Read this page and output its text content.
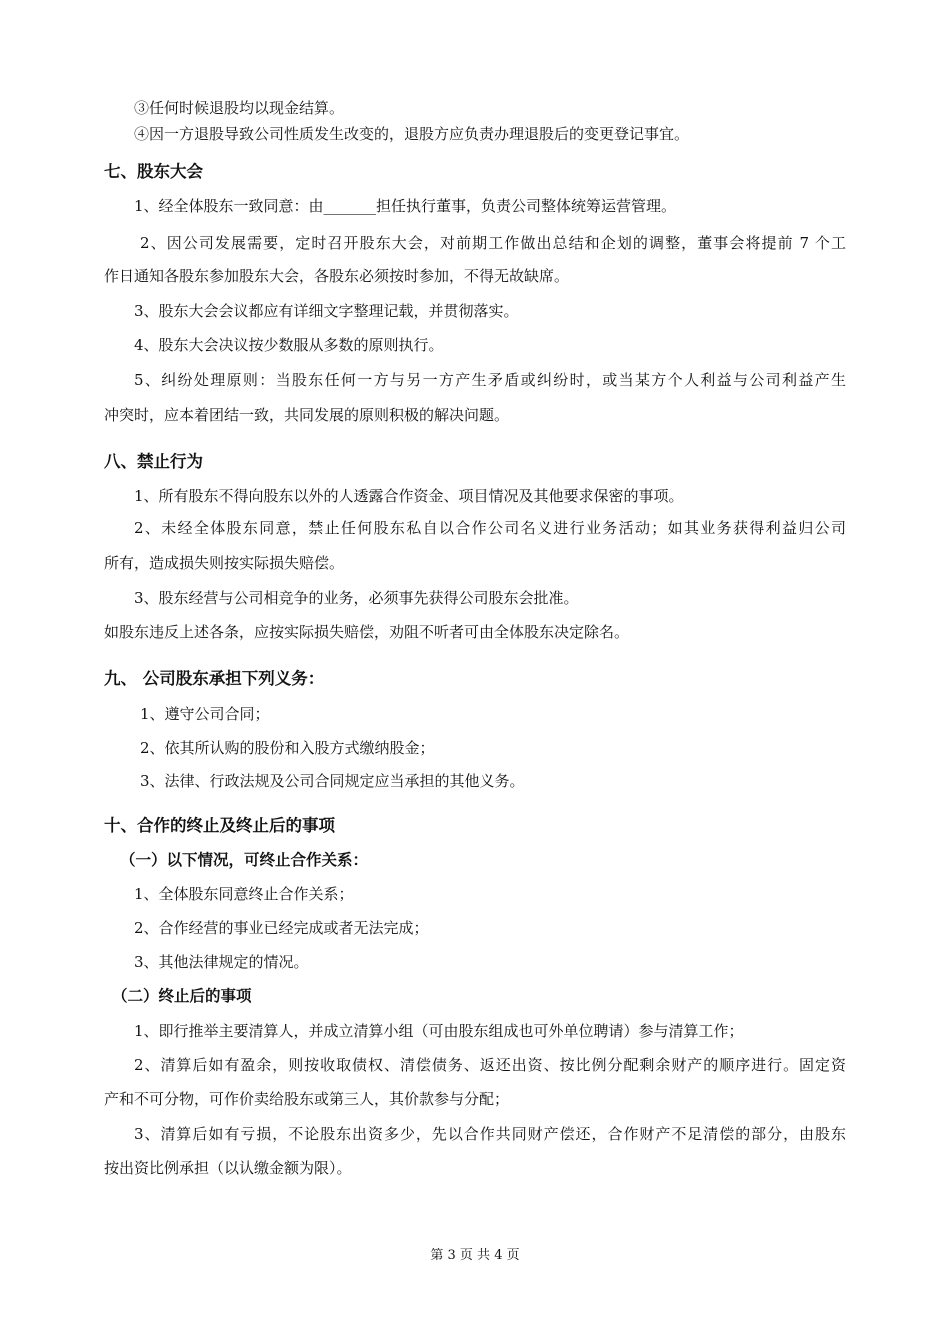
③任何时候退股均以现金结算。
④因一方退股导致公司性质发生改变的，退股方应负责办理退股后的变更登记事宜。
七、股东大会
1、经全体股东一致同意：由_______担任执行董事，负责公司整体统筹运营管理。
2、因公司发展需要，定时召开股东大会，对前期工作做出总结和企划的调整，董事会将提前 7 个工
作日通知各股东参加股东大会，各股东必须按时参加，不得无故缺席。
3、股东大会会议都应有详细文字整理记载，并贯彻落实。
4、股东大会决议按少数服从多数的原则执行。
5、纠纷处理原则：当股东任何一方与另一方产生矛盾或纠纷时，或当某方个人利益与公司利益产生
冲突时，应本着团结一致，共同发展的原则积极的解决问题。
八、禁止行为
1、所有股东不得向股东以外的人透露合作资金、项目情况及其他要求保密的事项。
2、未经全体股东同意，禁止任何股东私自以合作公司名义进行业务活动；如其业务获得利益归公司
所有，造成损失则按实际损失赔偿。
3、股东经营与公司相竞争的业务，必须事先获得公司股东会批准。
如股东违反上述各条，应按实际损失赔偿，劝阻不听者可由全体股东决定除名。
九、 公司股东承担下列义务：
1、遵守公司合同；
2、依其所认购的股份和入股方式缴纳股金；
3、法律、行政法规及公司合同规定应当承担的其他义务。
十、合作的终止及终止后的事项
（一）以下情况，可终止合作关系：
1、全体股东同意终止合作关系；
2、合作经营的事业已经完成或者无法完成；
3、其他法律规定的情况。
（二）终止后的事项
1、即行推举主要清算人，并成立清算小组（可由股东组成也可外单位聘请）参与清算工作；
2、清算后如有盈余，则按收取债权、清偿债务、返还出资、按比例分配剩余财产的顺序进行。固定资
产和不可分物，可作价卖给股东或第三人，其价款参与分配；
3、清算后如有亏损，不论股东出资多少，先以合作共同财产偿还，合作财产不足清偿的部分，由股东
按出资比例承担（以认缴金额为限）。
第 3 页 共 4 页
